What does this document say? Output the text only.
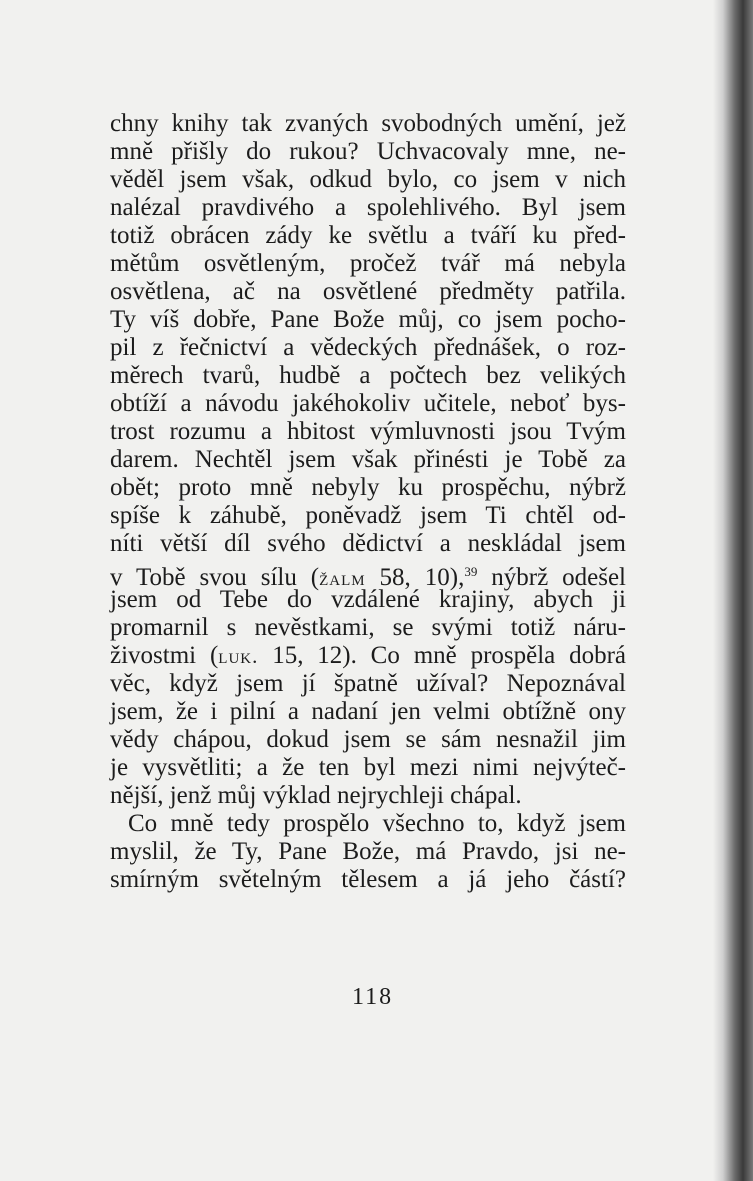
chny knihy tak zvaných svobodných umění, jež
mně přišly do rukou? Uchvacovaly mne, ne-
věděl jsem však, odkud bylo, co jsem v nich
nalézal pravdivého a spolehlivého. Byl jsem
totiž obrácen zády ke světlu a tváří ku před-
mětům osvětleným, pročež tvář má nebyla
osvětlena, ač na osvětlené předměty patřila.
Ty víš dobře, Pane Bože můj, co jsem pocho-
pil z řečnictví a vědeckých přednášek, o roz-
měrech tvarů, hudbě a počtech bez velikých
obtíží a návodu jakéhokoliv učitele, neboť bys-
trost rozumu a hbitost výmluvnosti jsou Tvým
darem. Nechtěl jsem však přinésti je Tobě za
obět; proto mně nebyly ku prospěchu, nýbrž
spíše k záhubě, poněvadž jsem Ti chtěl od-
níti větší díl svého dědictví a neskládal jsem
v Tobě svou sílu (žalm 58, 10),$^{39}$ nýbrž odešel
jsem od Tebe do vzdálené krajiny, abych ji
promarnil s nevěstkami, se svými totiž náru-
živostmi (luk. 15, 12). Co mně prospěla dobrá
věc, když jsem jí špatně užíval? Nepoznával
jsem, že i pilní a nadaní jen velmi obtížně ony
vědy chápou, dokud jsem se sám nesnažil jim
je vysvětliti; a že ten byl mezi nimi nejvýteč-
nější, jenž můj výklad nejrychleji chápal.
Co mně tedy prospělo všechno to, když jsem
myslil, že Ty, Pane Bože, má Pravdo, jsi ne-
smírným světelným tělesem a já jeho částí?
118
